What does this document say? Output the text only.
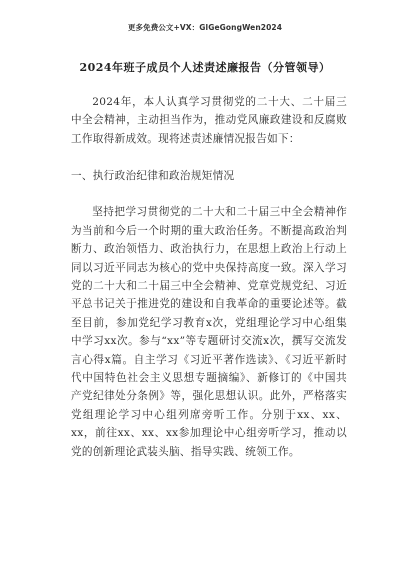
更多免费公文+VX：GlGeGongWen2024
2024年班子成员个人述责述廉报告（分管领导）

2024年，本人认真学习贯彻党的二十大、二十届三中全会精神，主动担当作为，推动党风廉政建设和反腐败工作取得新成效。现将述责述廉情况报告如下：

一、执行政治纪律和政治规矩情况

坚持把学习贯彻党的二十大和二十届三中全会精神作为当前和今后一个时期的重大政治任务。不断提高政治判断力、政治领悟力、政治执行力，在思想上政治上行动上同以习近平同志为核心的党中央保持高度一致。深入学习党的二十大和二十届三中全会精神、党章党规党纪、习近平总书记关于推进党的建设和自我革命的重要论述等。截至目前，参加党纪学习教育x次，党组理论学习中心组集中学习xx次。参与“xx”等专题研讨交流x次，撰写交流发言心得x篇。自主学习《习近平著作选读》、《习近平新时代中国特色社会主义思想专题摘编》、新修订的《中国共产党纪律处分条例》等，强化思想认识。此外，严格落实党组理论学习中心组列席旁听工作。分别于xx、xx、xx，前往xx、xx、xx参加理论中心组旁听学习，推动以党的创新理论武装头脑、指导实践、统领工作。
